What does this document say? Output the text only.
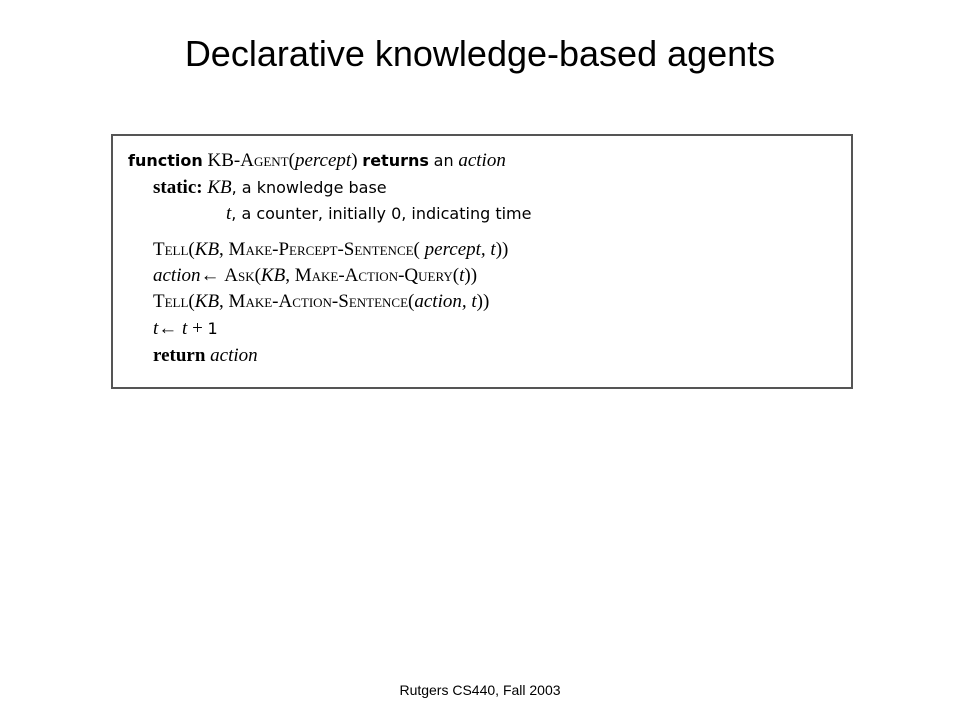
Declarative knowledge-based agents
function KB-Agent(percept) returns an action
static: KB, a knowledge base
t, a counter, initially 0, indicating time
Tell(KB, Make-Percept-Sentence( percept, t))
action← Ask(KB, Make-Action-Query(t))
Tell(KB, Make-Action-Sentence(action, t))
t← t + 1
return action
Rutgers CS440, Fall 2003
